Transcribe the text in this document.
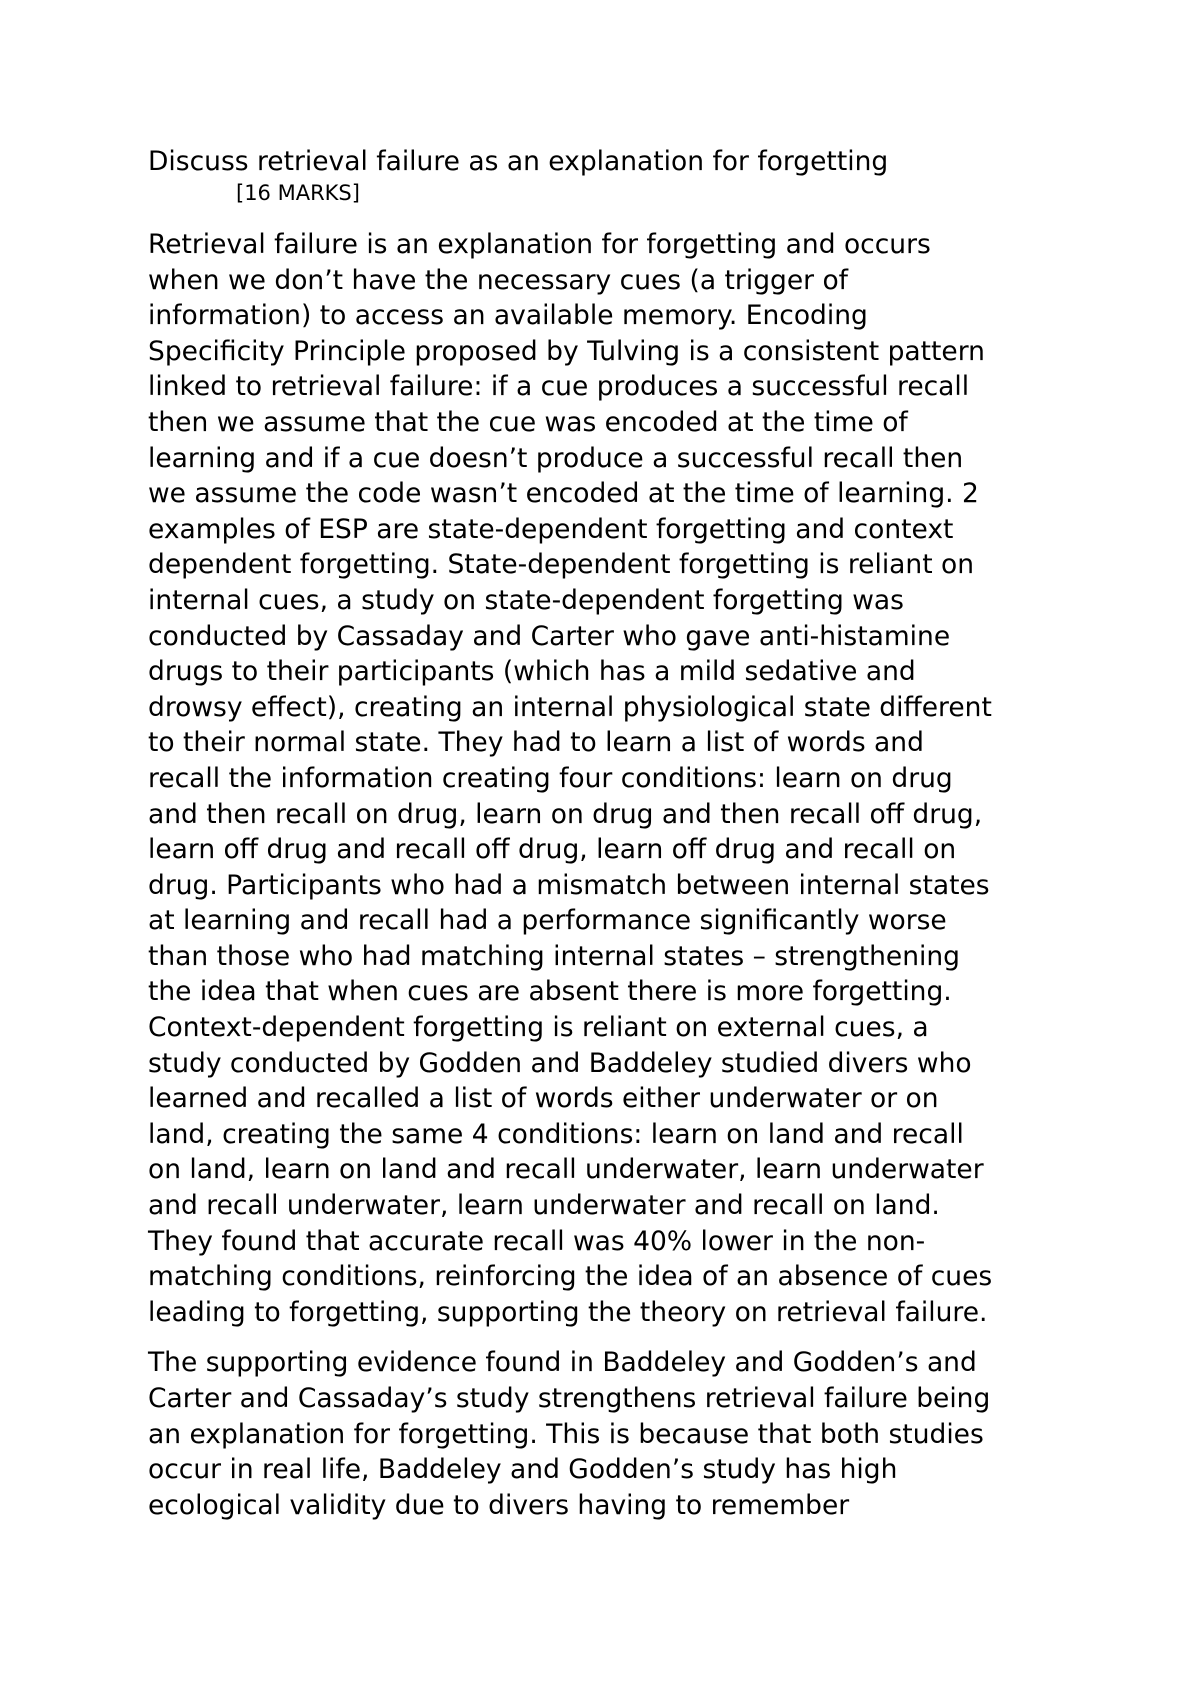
Discuss retrieval failure as an explanation for forgetting

[16 MARKS]

Retrieval failure is an explanation for forgetting and occurs
when we don’t have the necessary cues (a trigger of
information) to access an available memory. Encoding
Specificity Principle proposed by Tulving is a consistent pattern
linked to retrieval failure: if a cue produces a successful recall
then we assume that the cue was encoded at the time of
learning and if a cue doesn’t produce a successful recall then
we assume the code wasn’t encoded at the time of learning. 2
examples of ESP are state-dependent forgetting and context
dependent forgetting. State-dependent forgetting is reliant on
internal cues, a study on state-dependent forgetting was
conducted by Cassaday and Carter who gave anti-histamine
drugs to their participants (which has a mild sedative and
drowsy effect), creating an internal physiological state different
to their normal state. They had to learn a list of words and
recall the information creating four conditions: learn on drug
and then recall on drug, learn on drug and then recall off drug,
learn off drug and recall off drug, learn off drug and recall on
drug. Participants who had a mismatch between internal states
at learning and recall had a performance significantly worse
than those who had matching internal states – strengthening
the idea that when cues are absent there is more forgetting.
Context-dependent forgetting is reliant on external cues, a
study conducted by Godden and Baddeley studied divers who
learned and recalled a list of words either underwater or on
land, creating the same 4 conditions: learn on land and recall
on land, learn on land and recall underwater, learn underwater
and recall underwater, learn underwater and recall on land.
They found that accurate recall was 40% lower in the non-
matching conditions, reinforcing the idea of an absence of cues
leading to forgetting, supporting the theory on retrieval failure.
The supporting evidence found in Baddeley and Godden’s and
Carter and Cassaday’s study strengthens retrieval failure being
an explanation for forgetting. This is because that both studies
occur in real life, Baddeley and Godden’s study has high
ecological validity due to divers having to remember
